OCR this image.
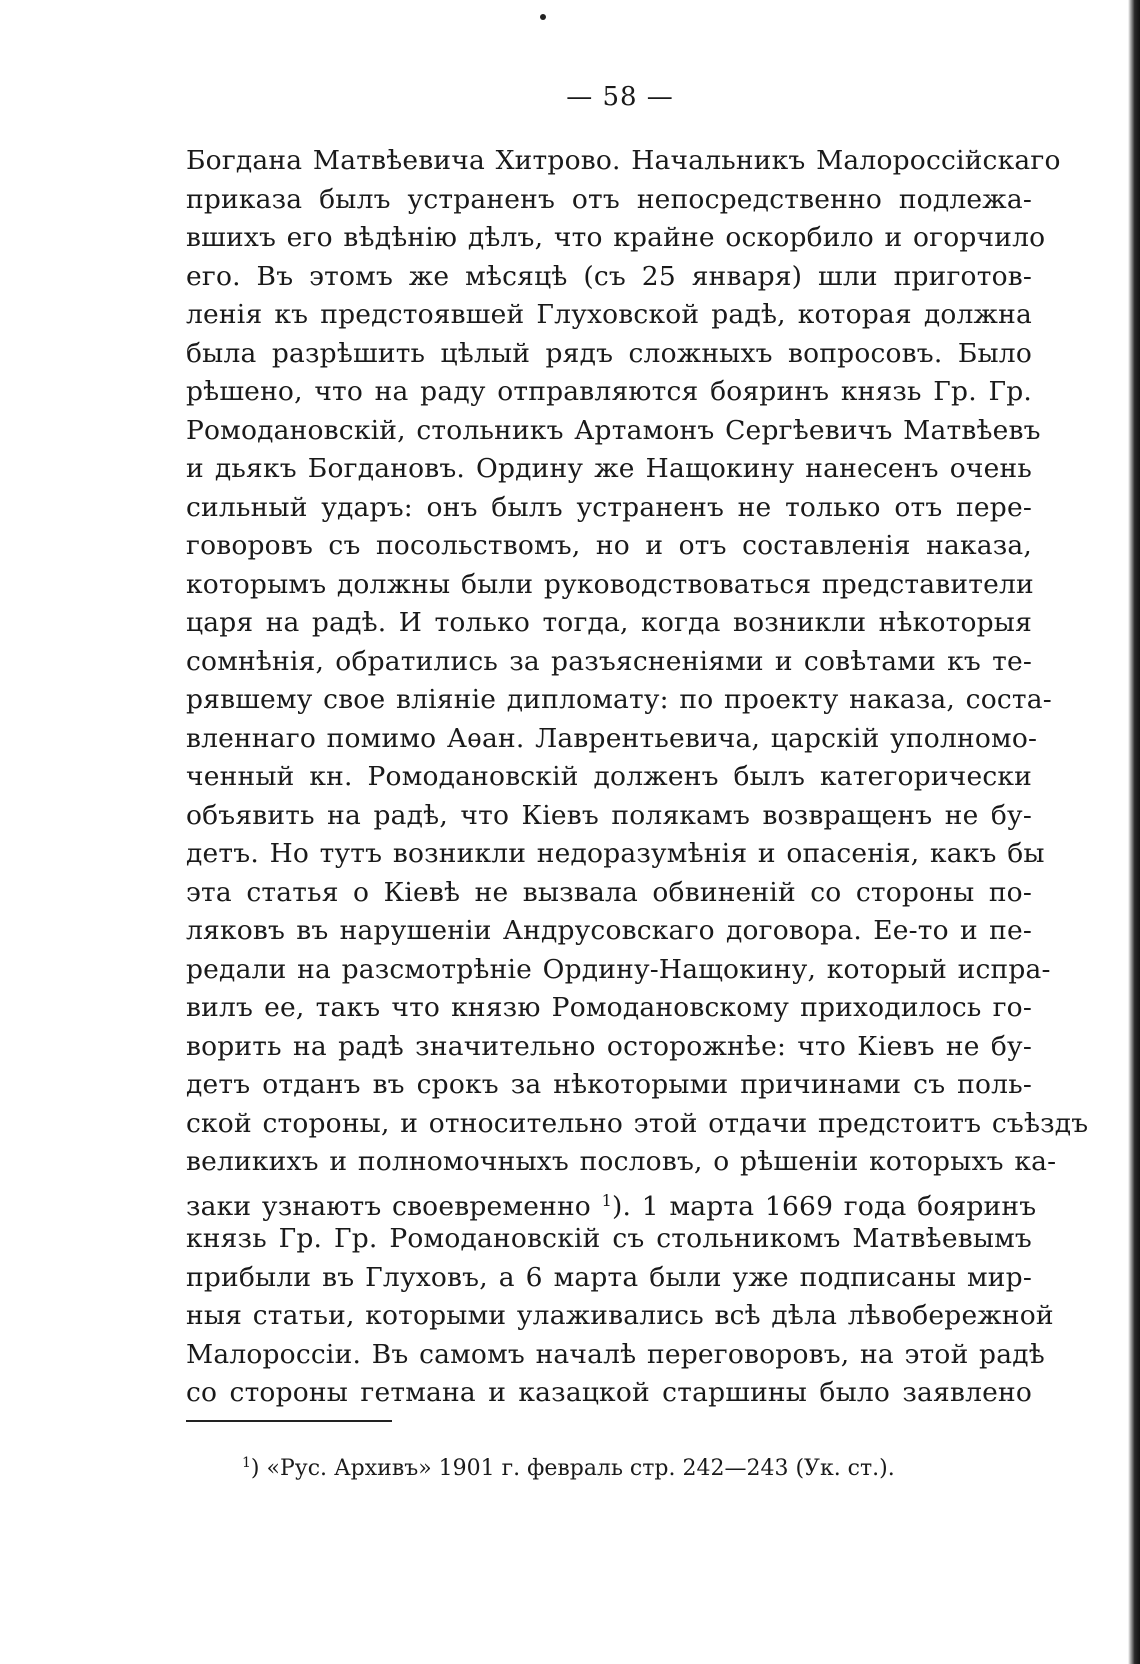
— 58 —
Богдана Матвѣевича Хитрово. Начальникъ Малороссійскаго
приказа былъ устраненъ отъ непосредственно подлежа-
вшихъ его вѣдѣнію дѣлъ, что крайне оскорбило и огорчило
его. Въ этомъ же мѣсяцѣ (съ 25 января) шли приготов-
ленія къ предстоявшей Глуховской радѣ, которая должна
была разрѣшить цѣлый рядъ сложныхъ вопросовъ. Было
рѣшено, что на раду отправляются бояринъ князь Гр. Гр.
Ромодановскій, стольникъ Артамонъ Сергѣевичъ Матвѣевъ
и дьякъ Богдановъ. Ордину же Нащокину нанесенъ очень
сильный ударъ: онъ былъ устраненъ не только отъ пере-
говоровъ съ посольствомъ, но и отъ составленія наказа,
которымъ должны были руководствоваться представители
царя на радѣ. И только тогда, когда возникли нѣкоторыя
сомнѣнія, обратились за разъясненіями и совѣтами къ те-
рявшему свое вліяніе дипломату: по проекту наказа, соста-
вленнаго помимо Аѳан. Лаврентьевича, царскій уполномо-
ченный кн. Ромодановскій долженъ былъ категорически
объявить на радѣ, что Кіевъ полякамъ возвращенъ не бу-
детъ. Но тутъ возникли недоразумѣнія и опасенія, какъ бы
эта статья о Кіевѣ не вызвала обвиненій со стороны по-
ляковъ въ нарушеніи Андрусовскаго договора. Ее-то и пе-
редали на разсмотрѣніе Ордину-Нащокину, который испра-
вилъ ее, такъ что князю Ромодановскому приходилось го-
ворить на радѣ значительно осторожнѣе: что Кіевъ не бу-
детъ отданъ въ срокъ за нѣкоторыми причинами съ поль-
ской стороны, и относительно этой отдачи предстоитъ съѣздъ
великихъ и полномочныхъ пословъ, о рѣшеніи которыхъ ка-
заки узнаютъ своевременно $^1$). 1 марта 1669 года бояринъ
князь Гр. Гр. Ромодановскій съ стольникомъ Матвѣевымъ
прибыли въ Глуховъ, а 6 марта были уже подписаны мир-
ныя статьи, которыми улаживались всѣ дѣла лѣвобережной
Малороссіи. Въ самомъ началѣ переговоровъ, на этой радѣ
со стороны гетмана и казацкой старшины было заявлено
$^1$) «Рус. Архивъ» 1901 г. февраль стр. 242—243 (Ук. ст.).
